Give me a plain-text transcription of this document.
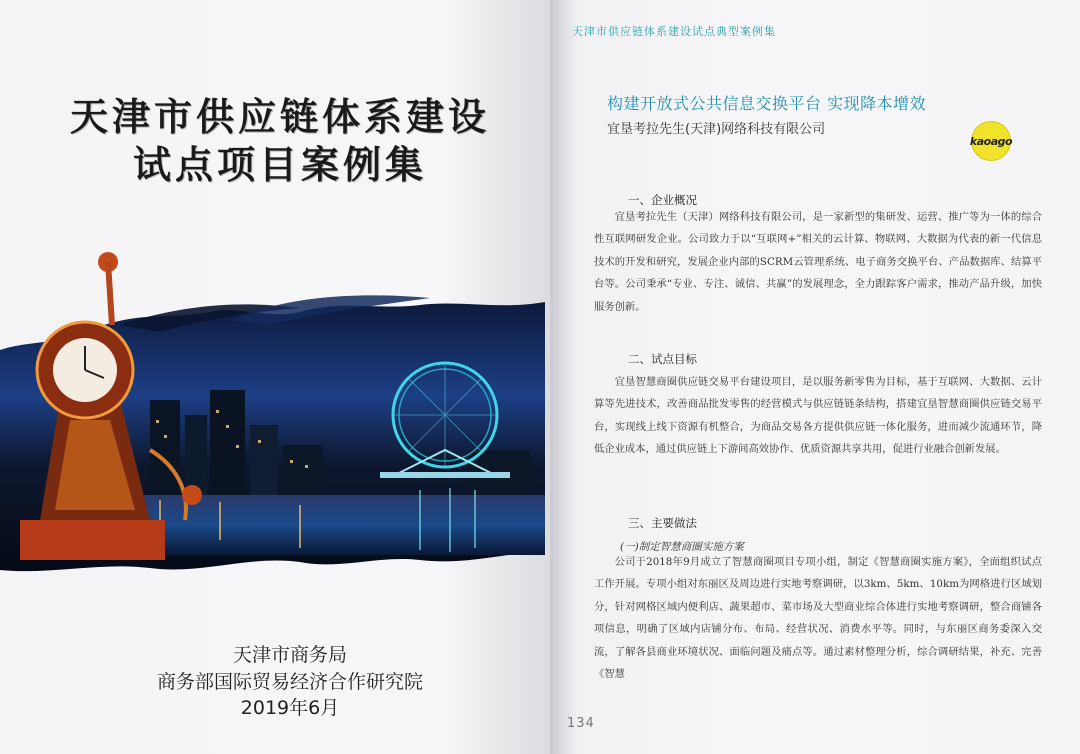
天津市供应链体系建设
试点项目案例集
天津市商务局
商务部国际贸易经济合作研究院
2019年6月
天津市供应链体系建设试点典型案例集
构建开放式公共信息交换平台 实现降本增效
宜垦考拉先生(天津)网络科技有限公司
kaoago
一、企业概况
宜垦考拉先生（天津）网络科技有限公司，是一家新型的集研发、运营、推广等为一体的综合性互联网研发企业。公司致力于以“互联网+”相关的云计算、物联网、大数据为代表的新一代信息技术的开发和研究，发展企业内部的SCRM云管理系统、电子商务交换平台、产品数据库、结算平台等。公司秉承“专业、专注、诚信、共赢”的发展理念，全力跟踪客户需求，推动产品升级，加快服务创新。
二、试点目标
宜垦智慧商圈供应链交易平台建设项目，是以服务新零售为目标，基于互联网、大数据、云计算等先进技术，改善商品批发零售的经营模式与供应链链条结构，搭建宜垦智慧商圈供应链交易平台，实现线上线下资源有机整合，为商品交易各方提供供应链一体化服务，进而减少流通环节，降低企业成本，通过供应链上下游间高效协作、优质资源共享共用，促进行业融合创新发展。
三、主要做法
(一)制定智慧商圈实施方案
公司于2018年9月成立了智慧商圈项目专项小组，制定《智慧商圈实施方案》，全面组织试点工作开展。专项小组对东丽区及周边进行实地考察调研，以3km、5km、10km为网格进行区域划分，针对网格区域内便利店、蔬果超市、菜市场及大型商业综合体进行实地考察调研，整合商铺各项信息，明确了区域内店铺分布、布局、经营状况、消费水平等。同时，与东丽区商务委深入交流，了解各县商业环境状况、面临问题及痛点等。通过素材整理分析，综合调研结果，补充、完善《智慧
134
